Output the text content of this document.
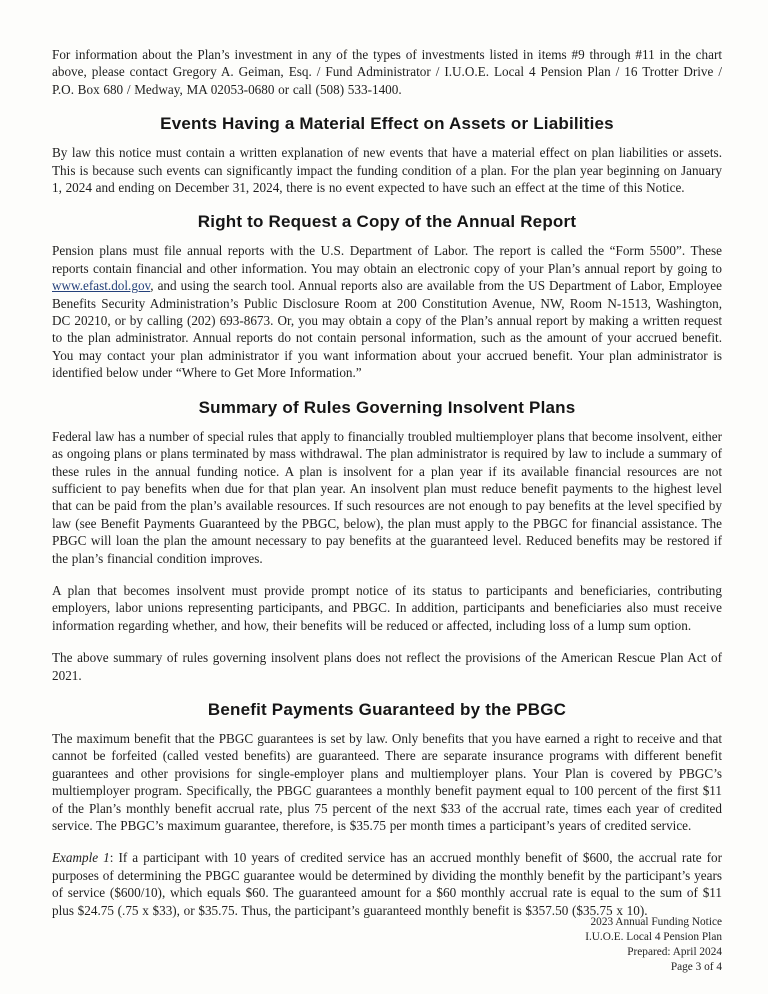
For information about the Plan’s investment in any of the types of investments listed in items #9 through #11 in the chart above, please contact Gregory A. Geiman, Esq. / Fund Administrator / I.U.O.E. Local 4 Pension Plan / 16 Trotter Drive / P.O. Box 680 / Medway, MA 02053-0680 or call (508) 533-1400.

Events Having a Material Effect on Assets or Liabilities

By law this notice must contain a written explanation of new events that have a material effect on plan liabilities or assets. This is because such events can significantly impact the funding condition of a plan. For the plan year beginning on January 1, 2024 and ending on December 31, 2024, there is no event expected to have such an effect at the time of this Notice.

Right to Request a Copy of the Annual Report

Pension plans must file annual reports with the U.S. Department of Labor. The report is called the “Form 5500”. These reports contain financial and other information. You may obtain an electronic copy of your Plan’s annual report by going to www.efast.dol.gov, and using the search tool. Annual reports also are available from the US Department of Labor, Employee Benefits Security Administration’s Public Disclosure Room at 200 Constitution Avenue, NW, Room N-1513, Washington, DC 20210, or by calling (202) 693-8673. Or, you may obtain a copy of the Plan’s annual report by making a written request to the plan administrator. Annual reports do not contain personal information, such as the amount of your accrued benefit. You may contact your plan administrator if you want information about your accrued benefit. Your plan administrator is identified below under “Where to Get More Information.”

Summary of Rules Governing Insolvent Plans

Federal law has a number of special rules that apply to financially troubled multiemployer plans that become insolvent, either as ongoing plans or plans terminated by mass withdrawal. The plan administrator is required by law to include a summary of these rules in the annual funding notice. A plan is insolvent for a plan year if its available financial resources are not sufficient to pay benefits when due for that plan year. An insolvent plan must reduce benefit payments to the highest level that can be paid from the plan’s available resources. If such resources are not enough to pay benefits at the level specified by law (see Benefit Payments Guaranteed by the PBGC, below), the plan must apply to the PBGC for financial assistance. The PBGC will loan the plan the amount necessary to pay benefits at the guaranteed level. Reduced benefits may be restored if the plan’s financial condition improves.

A plan that becomes insolvent must provide prompt notice of its status to participants and beneficiaries, contributing employers, labor unions representing participants, and PBGC. In addition, participants and beneficiaries also must receive information regarding whether, and how, their benefits will be reduced or affected, including loss of a lump sum option.

The above summary of rules governing insolvent plans does not reflect the provisions of the American Rescue Plan Act of 2021.

Benefit Payments Guaranteed by the PBGC

The maximum benefit that the PBGC guarantees is set by law. Only benefits that you have earned a right to receive and that cannot be forfeited (called vested benefits) are guaranteed. There are separate insurance programs with different benefit guarantees and other provisions for single-employer plans and multiemployer plans. Your Plan is covered by PBGC’s multiemployer program. Specifically, the PBGC guarantees a monthly benefit payment equal to 100 percent of the first $11 of the Plan’s monthly benefit accrual rate, plus 75 percent of the next $33 of the accrual rate, times each year of credited service. The PBGC’s maximum guarantee, therefore, is $35.75 per month times a participant’s years of credited service.

Example 1: If a participant with 10 years of credited service has an accrued monthly benefit of $600, the accrual rate for purposes of determining the PBGC guarantee would be determined by dividing the monthly benefit by the participant’s years of service ($600/10), which equals $60. The guaranteed amount for a $60 monthly accrual rate is equal to the sum of $11 plus $24.75 (.75 x $33), or $35.75. Thus, the participant’s guaranteed monthly benefit is $357.50 ($35.75 x 10).

2023 Annual Funding Notice
I.U.O.E. Local 4 Pension Plan
Prepared: April 2024
Page 3 of 4
